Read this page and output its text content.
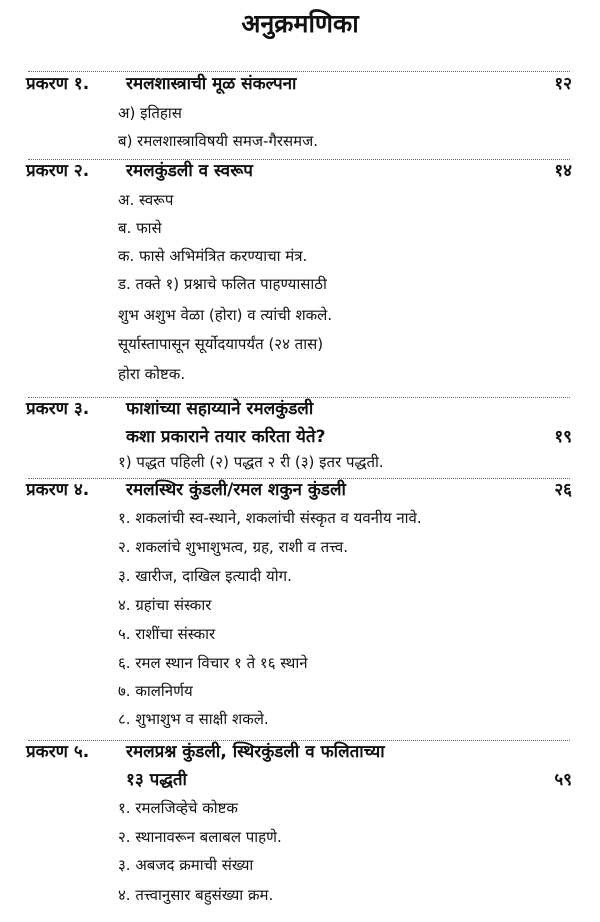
अनुक्रमणिका
प्रकरण १. रमलशास्त्राची मूळ संकल्पना	१२
अ) इतिहास
ब) रमलशास्त्राविषयी समज-गैरसमज.
प्रकरण २. रमलकुंडली व स्वरूप	१४
अ. स्वरूप
ब. फासे
क. फासे अभिमंत्रित करण्याचा मंत्र.
ड. तक्ते १) प्रश्नाचे फलित पाहण्यासाठी
शुभ अशुभ वेळा (होरा) व त्यांची शकले.
सूर्यास्तापासून सूर्योदयापर्यंत (२४ तास)
होरा कोष्टक.
प्रकरण ३. फाशांच्या सहाय्याने रमलकुंडली
कशा प्रकाराने तयार करिता येते?	१९
१) पद्धत पहिली (२) पद्धत २ री (३) इतर पद्धती.
प्रकरण ४. रमलस्थिर कुंडली/रमल शकुन कुंडली	२६
१. शकलांची स्व-स्थाने, शकलांची संस्कृत व यवनीय नावे.
२. शकलांचे शुभाशुभत्व, ग्रह, राशी व तत्त्व.
३. खारीज, दाखिल इत्यादी योग.
४. ग्रहांचा संस्कार
५. राशींचा संस्कार
६. रमल स्थान विचार १ ते १६ स्थाने
७. कालनिर्णय
८. शुभाशुभ व साक्षी शकले.
प्रकरण ५. रमलप्रश्न कुंडली, स्थिरकुंडली व फलिताच्या
१३ पद्धती	५९
१. रमलजिव्हेचे कोष्टक
२. स्थानावरून बलाबल पाहणे.
३. अबजद क्रमाची संख्या
४. तत्त्वानुसार बहुसंख्या क्रम.
